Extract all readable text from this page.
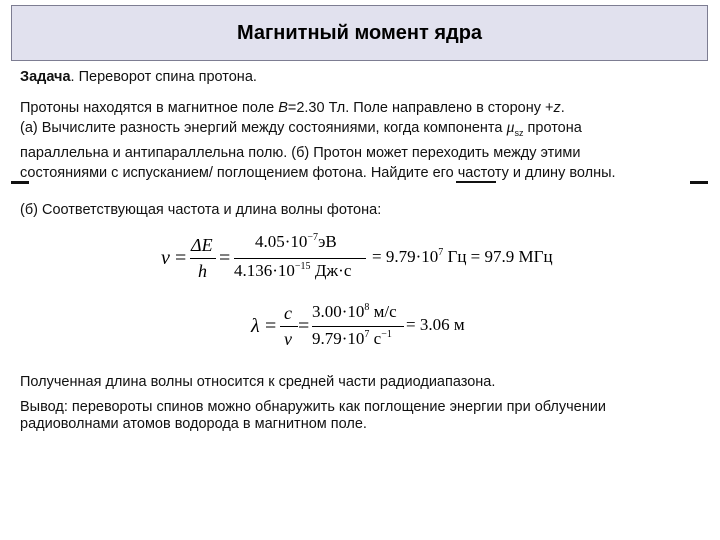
Магнитный момент ядра
Задача. Переворот спина протона.
Протоны находятся в магнитное поле B=2.30 Тл. Поле направлено в сторону +z.
(а) Вычислите разность энергий между состояниями, когда компонента $\mu_{sz}$ протона
параллельна и антипараллельна полю. (б) Протон может переходить между этими
состояниями с испусканием/ поглощением фотона. Найдите его частоту и длину волны.
(б) Соответствующая частота и длина волны фотона:
ν =
ΔE
h
=
$4.05\cdot 10^{-7}эВ$
$4.136\cdot 10^{-15}$ Дж·с
= $9.79\cdot 10^7$ Гц = 97.9 МГц
λ =
c
ν
=
$3.00\cdot 10^8$ м/с
$9.79\cdot 10^7$ $с^{-1}$
= 3.06 м
Полученная длина волны относится к средней части радиодиапазона.
Вывод: перевороты спинов можно обнаружить как поглощение энергии при облучении
радиоволнами атомов водорода в магнитном поле.
